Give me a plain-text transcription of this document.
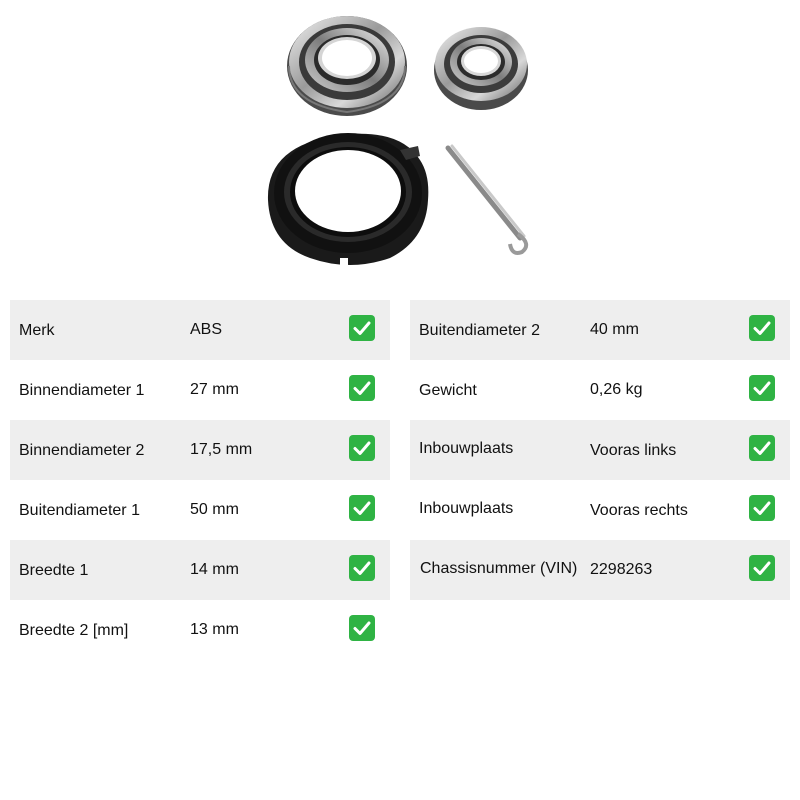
Merk	ABS
Binnendiameter 1	27 mm
Binnendiameter 2	17,5 mm
Buitendiameter 1	50 mm
Breedte 1	14 mm
Breedte 2 [mm]	13 mm
Buitendiameter 2	40 mm
Gewicht	0,26 kg
Inbouwplaats	Vooras links
Inbouwplaats	Vooras rechts
Chassisnummer (VIN) 2298263
